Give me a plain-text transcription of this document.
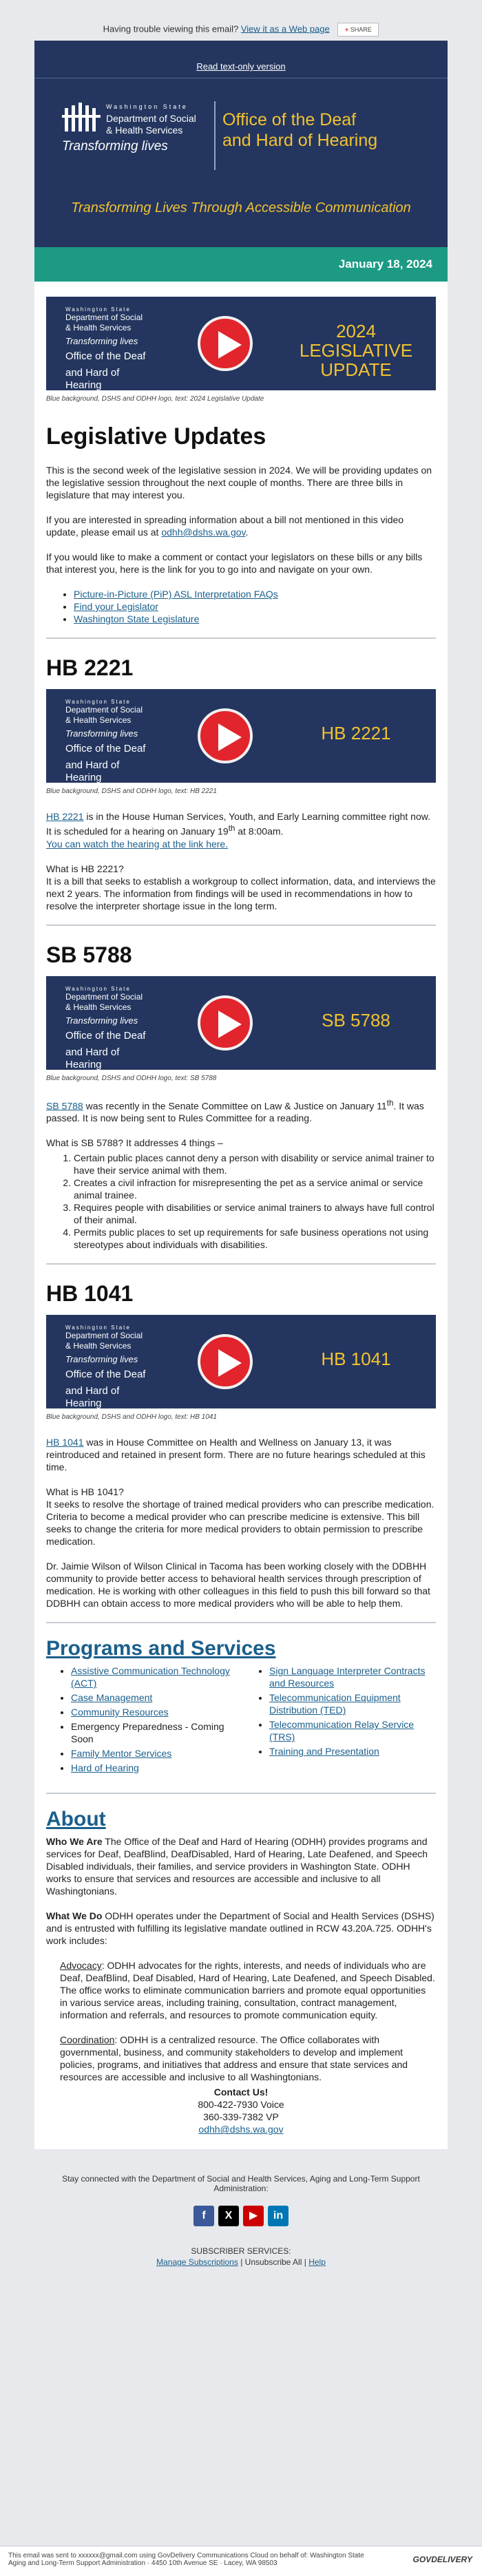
Having trouble viewing this email? View it as a Web page + SHARE
Read text-only version
Washington State
Department of Social
& Health Services
Transforming lives
Office of the Deaf
and Hard of Hearing
Transforming Lives Through Accessible Communication
January 18, 2024
Washington State
Department of Social
& Health Services
Transforming lives
Office of the Deaf
and Hard of Hearing
2024
LEGISLATIVE UPDATE

Blue background, DSHS and ODHH logo, text: 2024 Legislative Update

Legislative Updates

This is the second week of the legislative session in 2024. We will be providing updates on the legislative session throughout the next couple of months. There are three bills in legislature that may interest you.

If you are interested in spreading information about a bill not mentioned in this video update, please email us at odhh@dshs.wa.gov.

If you would like to make a comment or contact your legislators on these bills or any bills that interest you, here is the link for you to go into and navigate on your own.

• Picture-in-Picture (PiP) ASL Interpretation FAQs
• Find your Legislator
• Washington State Legislature
HB 2221
Washington State
Department of Social
& Health Services
Transforming lives
Office of the Deaf
and Hard of Hearing
HB 2221

Blue background, DSHS and ODHH logo, text: HB 2221

HB 2221 is in the House Human Services, Youth, and Early Learning committee right now. It is scheduled for a hearing on January 19th at 8:00am.
You can watch the hearing at the link here.

What is HB 2221?
It is a bill that seeks to establish a workgroup to collect information, data, and interviews the next 2 years. The information from findings will be used in recommendations in how to resolve the interpreter shortage issue in the long term.

SB 5788
Washington State
Department of Social
& Health Services
Transforming lives
Office of the Deaf
and Hard of Hearing
SB 5788

Blue background, DSHS and ODHH logo, text: SB 5788

SB 5788 was recently in the Senate Committee on Law & Justice on January 11th. It was passed. It is now being sent to Rules Committee for a reading.

What is SB 5788? It addresses 4 things –

1. Certain public places cannot deny a person with disability or service animal trainer to have their service animal with them.
2. Creates a civil infraction for misrepresenting the pet as a service animal or service animal trainee.
3. Requires people with disabilities or service animal trainers to always have full control of their animal.
4. Permits public places to set up requirements for safe business operations not using stereotypes about individuals with disabilities.
HB 1041
Washington State
Department of Social
& Health Services
Transforming lives
Office of the Deaf
and Hard of Hearing
HB 1041

Blue background, DSHS and ODHH logo, text: HB 1041

HB 1041 was in House Committee on Health and Wellness on January 13, it was reintroduced and retained in present form. There are no future hearings scheduled at this time.

What is HB 1041?
It seeks to resolve the shortage of trained medical providers who can prescribe medication. Criteria to become a medical provider who can prescribe medicine is extensive. This bill seeks to change the criteria for more medical providers to obtain permission to prescribe medication.

Dr. Jaimie Wilson of Wilson Clinical in Tacoma has been working closely with the DDBHH community to provide better access to behavioral health services through prescription of medication. He is working with other colleagues in this field to push this bill forward so that DDBHH can obtain access to more medical providers who will be able to help them.

Programs and Services
• Assistive Communication Technology (ACT)
• Case Management
• Community Resources
• Emergency Preparedness - Coming Soon
• Family Mentor Services
• Hard of Hearing
• Sign Language Interpreter Contracts and Resources
• Telecommunication Equipment Distribution (TED)
• Telecommunication Relay Service (TRS)
• Training and Presentation
About

Who We Are The Office of the Deaf and Hard of Hearing (ODHH) provides programs and services for Deaf, DeafBlind, DeafDisabled, Hard of Hearing, Late Deafened, and Speech Disabled individuals, their families, and service providers in Washington State. ODHH works to ensure that services and resources are accessible and inclusive to all Washingtonians.

What We Do ODHH operates under the Department of Social and Health Services (DSHS) and is entrusted with fulfilling its legislative mandate outlined in RCW 43.20A.725. ODHH's work includes:

Advocacy: ODHH advocates for the rights, interests, and needs of individuals who are Deaf, DeafBlind, Deaf Disabled, Hard of Hearing, Late Deafened, and Speech Disabled. The office works to eliminate communication barriers and promote equal opportunities in various service areas, including training, consultation, contract management, information and referrals, and resources to promote communication equity.

Coordination: ODHH is a centralized resource. The Office collaborates with governmental, business, and community stakeholders to develop and implement policies, programs, and initiatives that address and ensure that state services and resources are accessible and inclusive to all Washingtonians.

Contact Us!
800-422-7930 Voice
360-339-7382 VP
odhh@dshs.wa.gov
Stay connected with the Department of Social and Health Services, Aging and Long-Term Support Administration:
f	X	▶	in
SUBSCRIBER SERVICES:
Manage Subscriptions | Unsubscribe All | Help
This email was sent to xxxxxx@gmail.com using GovDelivery Communications Cloud on behalf of: Washington State Aging and Long-Term Support Administration · 4450 10th Avenue SE · Lacey, WA 98503	GOVDELIVERY
